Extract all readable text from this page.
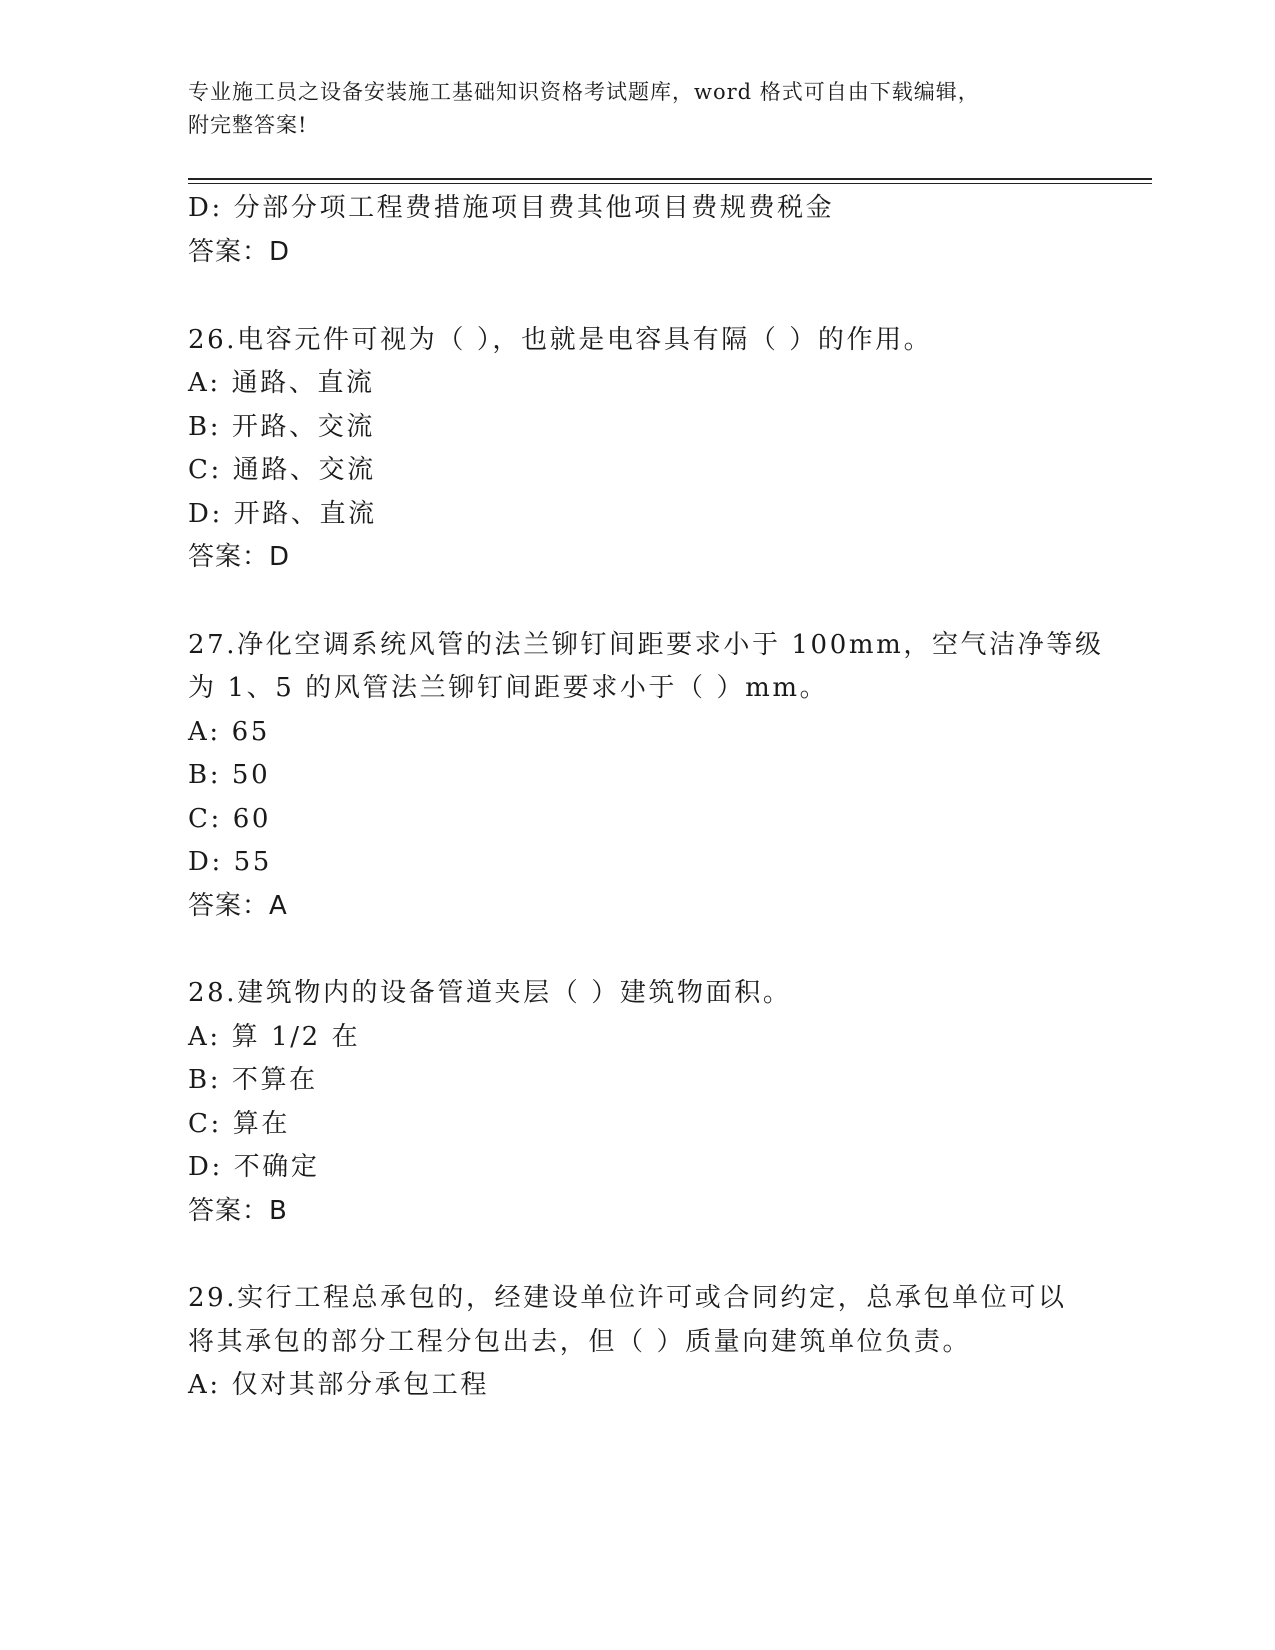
专业施工员之设备安装施工基础知识资格考试题库，word 格式可自由下载编辑，
附完整答案!
D: 分部分项工程费措施项目费其他项目费规费税金
答案：D
26.电容元件可视为（ ），也就是电容具有隔（ ）的作用。
A: 通路、直流
B: 开路、交流
C: 通路、交流
D: 开路、直流
答案：D
27.净化空调系统风管的法兰铆钉间距要求小于 100mm，空气洁净等级
为 1、5 的风管法兰铆钉间距要求小于（ ）mm。
A: 65
B: 50
C: 60
D: 55
答案：A
28.建筑物内的设备管道夹层（ ）建筑物面积。
A: 算 1/2 在
B: 不算在
C: 算在
D: 不确定
答案：B
29.实行工程总承包的，经建设单位许可或合同约定，总承包单位可以
将其承包的部分工程分包出去，但（ ）质量向建筑单位负责。
A: 仅对其部分承包工程
